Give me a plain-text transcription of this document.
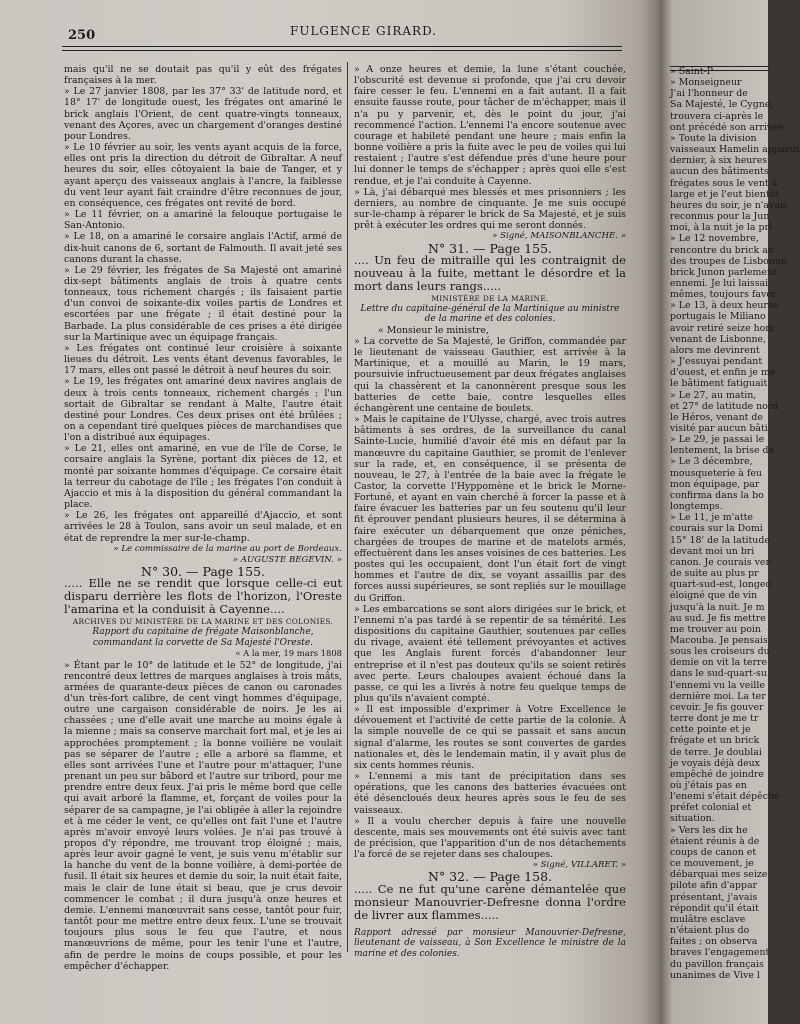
250	FULGENCE GIRARD.

mais qu'il ne se doutait pas qu'il y eût des frégates françaises à la mer.

» Le 27 janvier 1808, par les 37° 33' de latitude nord, et 18° 17' de longitude ouest, les frégates ont amariné le brick anglais l'Orient, de cent quatre-vingts tonneaux, venant des Açores, avec un chargement d'oranges destiné pour Londres.

» Le 10 février au soir, les vents ayant acquis de la force, elles ont pris la direction du détroit de Gibraltar. A neuf heures du soir, elles côtoyaient la baie de Tanger, et y ayant aperçu des vaisseaux anglais à l'ancre, la faiblesse du vent leur ayant fait craindre d'être reconnues de jour, en conséquence, ces frégates ont revité de bord.

» Le 11 février, on a amariné la felouque portugaise le San-Antonio.

» Le 18, on a amariné le corsaire anglais l'Actif, armé de dix-huit canons de 6, sortant de Falmouth. Il avait jeté ses canons durant la chasse.

» Le 29 février, les frégates de Sa Majesté ont amariné dix-sept bâtiments anglais de trois à quatre cents tonneaux, tous richement chargés ; ils faisaient partie d'un convoi de soixante-dix voiles partis de Londres et escortées par une frégate ; il était destiné pour la Barbade. La plus considérable de ces prises a été dirigée sur la Martinique avec un équipage français.

» Les frégates ont continué leur croisière à soixante lieues du détroit. Les vents étant devenus favorables, le 17 mars, elles ont passé le détroit à neuf heures du soir.

» Le 19, les frégates ont amariné deux navires anglais de deux à trois cents tonneaux, richement chargés ; l'un sortait de Gibraltar se rendant à Malte, l'autre était destiné pour Londres. Ces deux prises ont été brûlées ; on a cependant tiré quelques pièces de marchandises que l'on a distribué aux équipages.

» Le 21, elles ont amariné, en vue de l'île de Corse, le corsaire anglais la Syrène, portant dix pièces de 12, et monté par soixante hommes d'équipage. Ce corsaire était la terreur du cabotage de l'île ; les frégates l'on conduit à Ajaccio et mis à la disposition du général commandant la place.

» Le 26, les frégates ont appareillé d'Ajaccio, et sont arrivées le 28 à Toulon, sans avoir un seul malade, et en état de reprendre la mer sur-le-champ.

» Le commissaire de la marine au port de Bordeaux.

» AUGUSTE BEGEVIN. »

N° 30. — Page 155.

..... Elle ne se rendit que lorsque celle-ci eut disparu derrière les flots de l'horizon, l'Oreste l'amarina et la conduisit à Cayenne....

ARCHIVES DU MINISTÈRE DE LA MARINE ET DES COLONIES.

Rapport du capitaine de frégate Maisonblanche, commandant la corvette de Sa Majesté l'Oreste.

« A la mer, 19 mars 1808

» Étant par le 10° de latitude et le 52° de longitude, j'ai rencontré deux lettres de marques anglaises à trois mâts, armées de quarante-deux pièces de canon ou caronades d'un très-fort calibre, de cent vingt hommes d'équipage, outre une cargaison considérable de noirs. Je les ai chassées ; une d'elle avait une marche au moins égale à la mienne ; mais sa conserve marchait fort mal, et je les ai approchées promptement ; la bonne voilière ne voulait pas se séparer de l'autre ; elle a arboré sa flamme, et elles sont arrivées l'une et l'autre pour m'attaquer, l'une prenant un peu sur bâbord et l'autre sur tribord, pour me prendre entre deux feux. J'ai pris le même bord que celle qui avait arboré la flamme, et, forçant de voiles pour la séparer de sa campagne, je l'ai obligée à aller la rejoindre et à me céder le vent, ce qu'elles ont fait l'une et l'autre après m'avoir envoyé leurs volées. Je n'ai pas trouvé à propos d'y répondre, me trouvant trop éloigné ; mais, après leur avoir gagné le vent, je suis venu m'établir sur la hanche du vent de la bonne voilière, à demi-portée de fusil. Il était six heures et demie du soir, la nuit était faite, mais le clair de lune était si beau, que je crus devoir commencer le combat ; il dura jusqu'à onze heures et demie. L'ennemi manœuvrait sans cesse, tantôt pour fuir, tantôt pour me mettre entre deux feux. L'une se trouvait toujours plus sous le feu que l'autre, et nous manœuvrions de même, pour les tenir l'une et l'autre, afin de perdre le moins de coups possible, et pour les empêcher d'échapper.

» A onze heures et demie, la lune s'étant couchée, l'obscurité est devenue si profonde, que j'ai cru devoir faire cesser le feu. L'ennemi en a fait autant. Il a fait ensuite fausse route, pour tâcher de m'échapper, mais il n'a pu y parvenir, et, dès le point du jour, j'ai recommencé l'action. L'ennemi l'a encore soutenue avec courage et habileté pendant une heure ; mais enfin la bonne voilière a pris la fuite avec le peu de voiles qui lui restaient ; l'autre s'est défendue près d'une heure pour lui donner le temps de s'échapper ; après quoi elle s'est rendue, et je l'ai conduite à Cayenne.

» Là, j'ai débarqué mes blessés et mes prisonniers ; les derniers, au nombre de cinquante. Je me suis occupé sur-le-champ à réparer le brick de Sa Majesté, et je suis prêt à exécuter les ordres qui me seront donnés.

» Signé, MAISONBLANCHE. »

N° 31. — Page 155.

.... Un feu de mitraille qui les contraignit de nouveau à la fuite, mettant le désordre et la mort dans leurs rangs.....

MINISTÈRE DE LA MARINE.

Lettre du capitaine-général de la Martinique au ministre de la marine et des colonies.

« Monsieur le ministre,

» La corvette de Sa Majesté, le Griffon, commandée par le lieutenant de vaisseau Gauthier, est arrivée à la Martinique, et a mouillé au Marin, le 19 mars, poursuivie infructueusement par deux frégates anglaises qui la chassèrent et la canonnèrent presque sous les batteries de cette baie, contre lesquelles elles échangèrent une centaine de boulets.

» Mais le capitaine de l'Ulysse, chargé, avec trois autres bâtiments à ses ordres, de la surveillance du canal Sainte-Lucie, humilié d'avoir été mis en défaut par la manœuvre du capitaine Gauthier, se promit de l'enlever sur la rade, et, en conséquence, il se présenta de nouveau, le 27, à l'entrée de la baie avec la frégate le Castor, la corvette l'Hyppomène et le brick le Morne-Fortuné, et ayant en vain cherché à forcer la passe et à faire évacuer les batteries par un feu soutenu qu'il leur fit éprouver pendant plusieurs heures, il se détermina à faire exécuter un débarquement que onze péniches, chargées de troupes de marine et de matelots armés, effectuèrent dans les anses voisines de ces batteries. Les postes qui les occupaient, dont l'un était fort de vingt hommes et l'autre de dix, se voyant assaillis par des forces aussi supérieures, se sont repliés sur le mouillage du Griffon.

» Les embarcations se sont alors dirigées sur le brick, et l'ennemi n'a pas tardé à se repentir de sa témérité. Les dispositions du capitaine Gauthier, soutenues par celles du rivage, avaient été tellement prévoyantes et actives que les Anglais furent forcés d'abandonner leur entreprise et il n'est pas douteux qu'ils se soient retirés avec perte. Leurs chaloupes avaient échoué dans la passe, ce qui les a livrés à notre feu quelque temps de plus qu'ils n'avaient compté.

» Il est impossible d'exprimer à Votre Excellence le dévouement et l'activité de cette partie de la colonie. À la simple nouvelle de ce qui se passait et sans aucun signal d'alarme, les routes se sont couvertes de gardes nationales et, dès le lendemain matin, il y avait plus de six cents hommes réunis.

» L'ennemi a mis tant de précipitation dans ses opérations, que les canons des batteries évacuées ont été désencloués deux heures après sous le feu de ses vaisseaux.

» Il a voulu chercher depuis à faire une nouvelle descente, mais ses mouvements ont été suivis avec tant de précision, que l'apparition d'un de nos détachements l'a forcé de se rejeter dans ses chaloupes.

» Signé, VILLARET. »

N° 32. — Page 158.

..... Ce ne fut qu'une carène démantelée que monsieur Manouvrier-Defresne donna l'ordre de livrer aux flammes.....

Rapport adressé par monsieur Manouvrier-Defresne, lieutenant de vaisseau, à Son Excellence le ministre de la marine et des colonies.

» Saint-P

» Monseigneur

J'ai l'honneur de

Sa Majesté, le Cygne,

trouvera ci-après le

ont précédé son arrivée

» Toute la division

vaisseaux Hamelin apparut

dernier, à six heures

aucun des bâtiments

frégates sous le vent à

large et je l'eut bientôt

heures du soir, je n'avais

reconnus pour la Jun

moi, à la nuit je la pri

» Le 12 novembre,

rencontre du brick an

des troupes de Lisbonne

brick Junon parlement

ennemi. Je lui laissai

mêmes, toujours favor

» Le 13, à deux heures

portugais le Miliano

avoir retiré seize hom

venant de Lisbonne,

alors me devinrent

» J'essuyai pendant

d'ouest, et enfin je me

le bâtiment fatiguait

» Le 27, au matin,

et 27° de latitude nord

le Héros, venant de

visité par aucun bâti

» Le 29, je passai le

lentement, la brise de

» Le 3 décembre,

mousqueterie à feu

mon équipage, par

confirma dans la bo

longtemps.

» Le 11, je m'atte

courais sur la Domi

15° 18' de la latitude

devant moi un bri

canon. Je courais ver

de suite au plus pr

quart-sud-est, longeo

éloigné que de vin

jusqu'à la nuit. Je m

au sud. Je fis mettre

me trouver au poin

Macouba. Je pensais

sous les croiseurs du

demie on vit la terre

dans le sud-quart-su

l'ennemi vu la veille

dernière moi. La ter

cevoir. Je fis gouver

terre dont je me tr

cette pointe et je

frégate et un brick

de terre. Je doublai

je voyais déjà deux

empêché de joindre

où j'étais pas en

l'enemi s'était dépêché

préfet colonial et

situation.

» Vers les dix he

étaient réunis à de

coups de canon et

ce mouvement, je

débarquai mes seize

pilote afin d'appar

présentant, j'avais

répondit qu'il était

mulâtre esclave

n'étaient plus do

faites ; on observa

braves l'engagement

du pavillon français

unanimes de Vive l
